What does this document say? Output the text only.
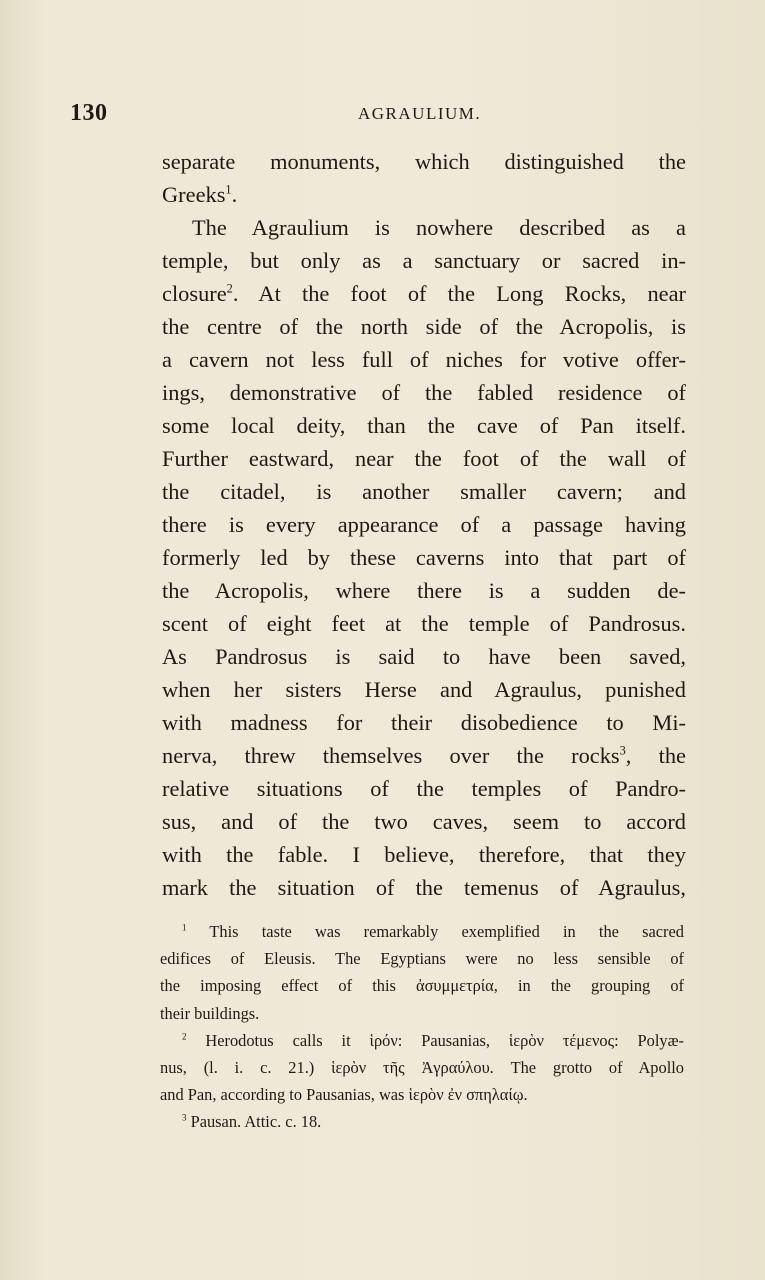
130	AGRAULIUM.
separate monuments, which distinguished the
Greeks$^1$.
The Agraulium is nowhere described as a
temple, but only as a sanctuary or sacred in-
closure$^2$. At the foot of the Long Rocks, near
the centre of the north side of the Acropolis, is
a cavern not less full of niches for votive offer-
ings, demonstrative of the fabled residence of
some local deity, than the cave of Pan itself.
Further eastward, near the foot of the wall of
the citadel, is another smaller cavern; and
there is every appearance of a passage having
formerly led by these caverns into that part of
the Acropolis, where there is a sudden de-
scent of eight feet at the temple of Pandrosus.
As Pandrosus is said to have been saved,
when her sisters Herse and Agraulus, punished
with madness for their disobedience to Mi-
nerva, threw themselves over the rocks$^3$, the
relative situations of the temples of Pandro-
sus, and of the two caves, seem to accord
with the fable. I believe, therefore, that they
mark the situation of the temenus of Agraulus,
$^1$ This taste was remarkably exemplified in the sacred
edifices of Eleusis. The Egyptians were no less sensible of
the imposing effect of this ἀσυμμετρία, in the grouping of
their buildings.
$^2$ Herodotus calls it ἱρόν: Pausanias, ἱερὸν τέμενος: Polyæ-
nus, (l. i. c. 21.) ἱερὸν τῆς Ἀγραύλου. The grotto of Apollo
and Pan, according to Pausanias, was ἱερὸν ἐν σπηλαίῳ.
$^3$ Pausan. Attic. c. 18.
